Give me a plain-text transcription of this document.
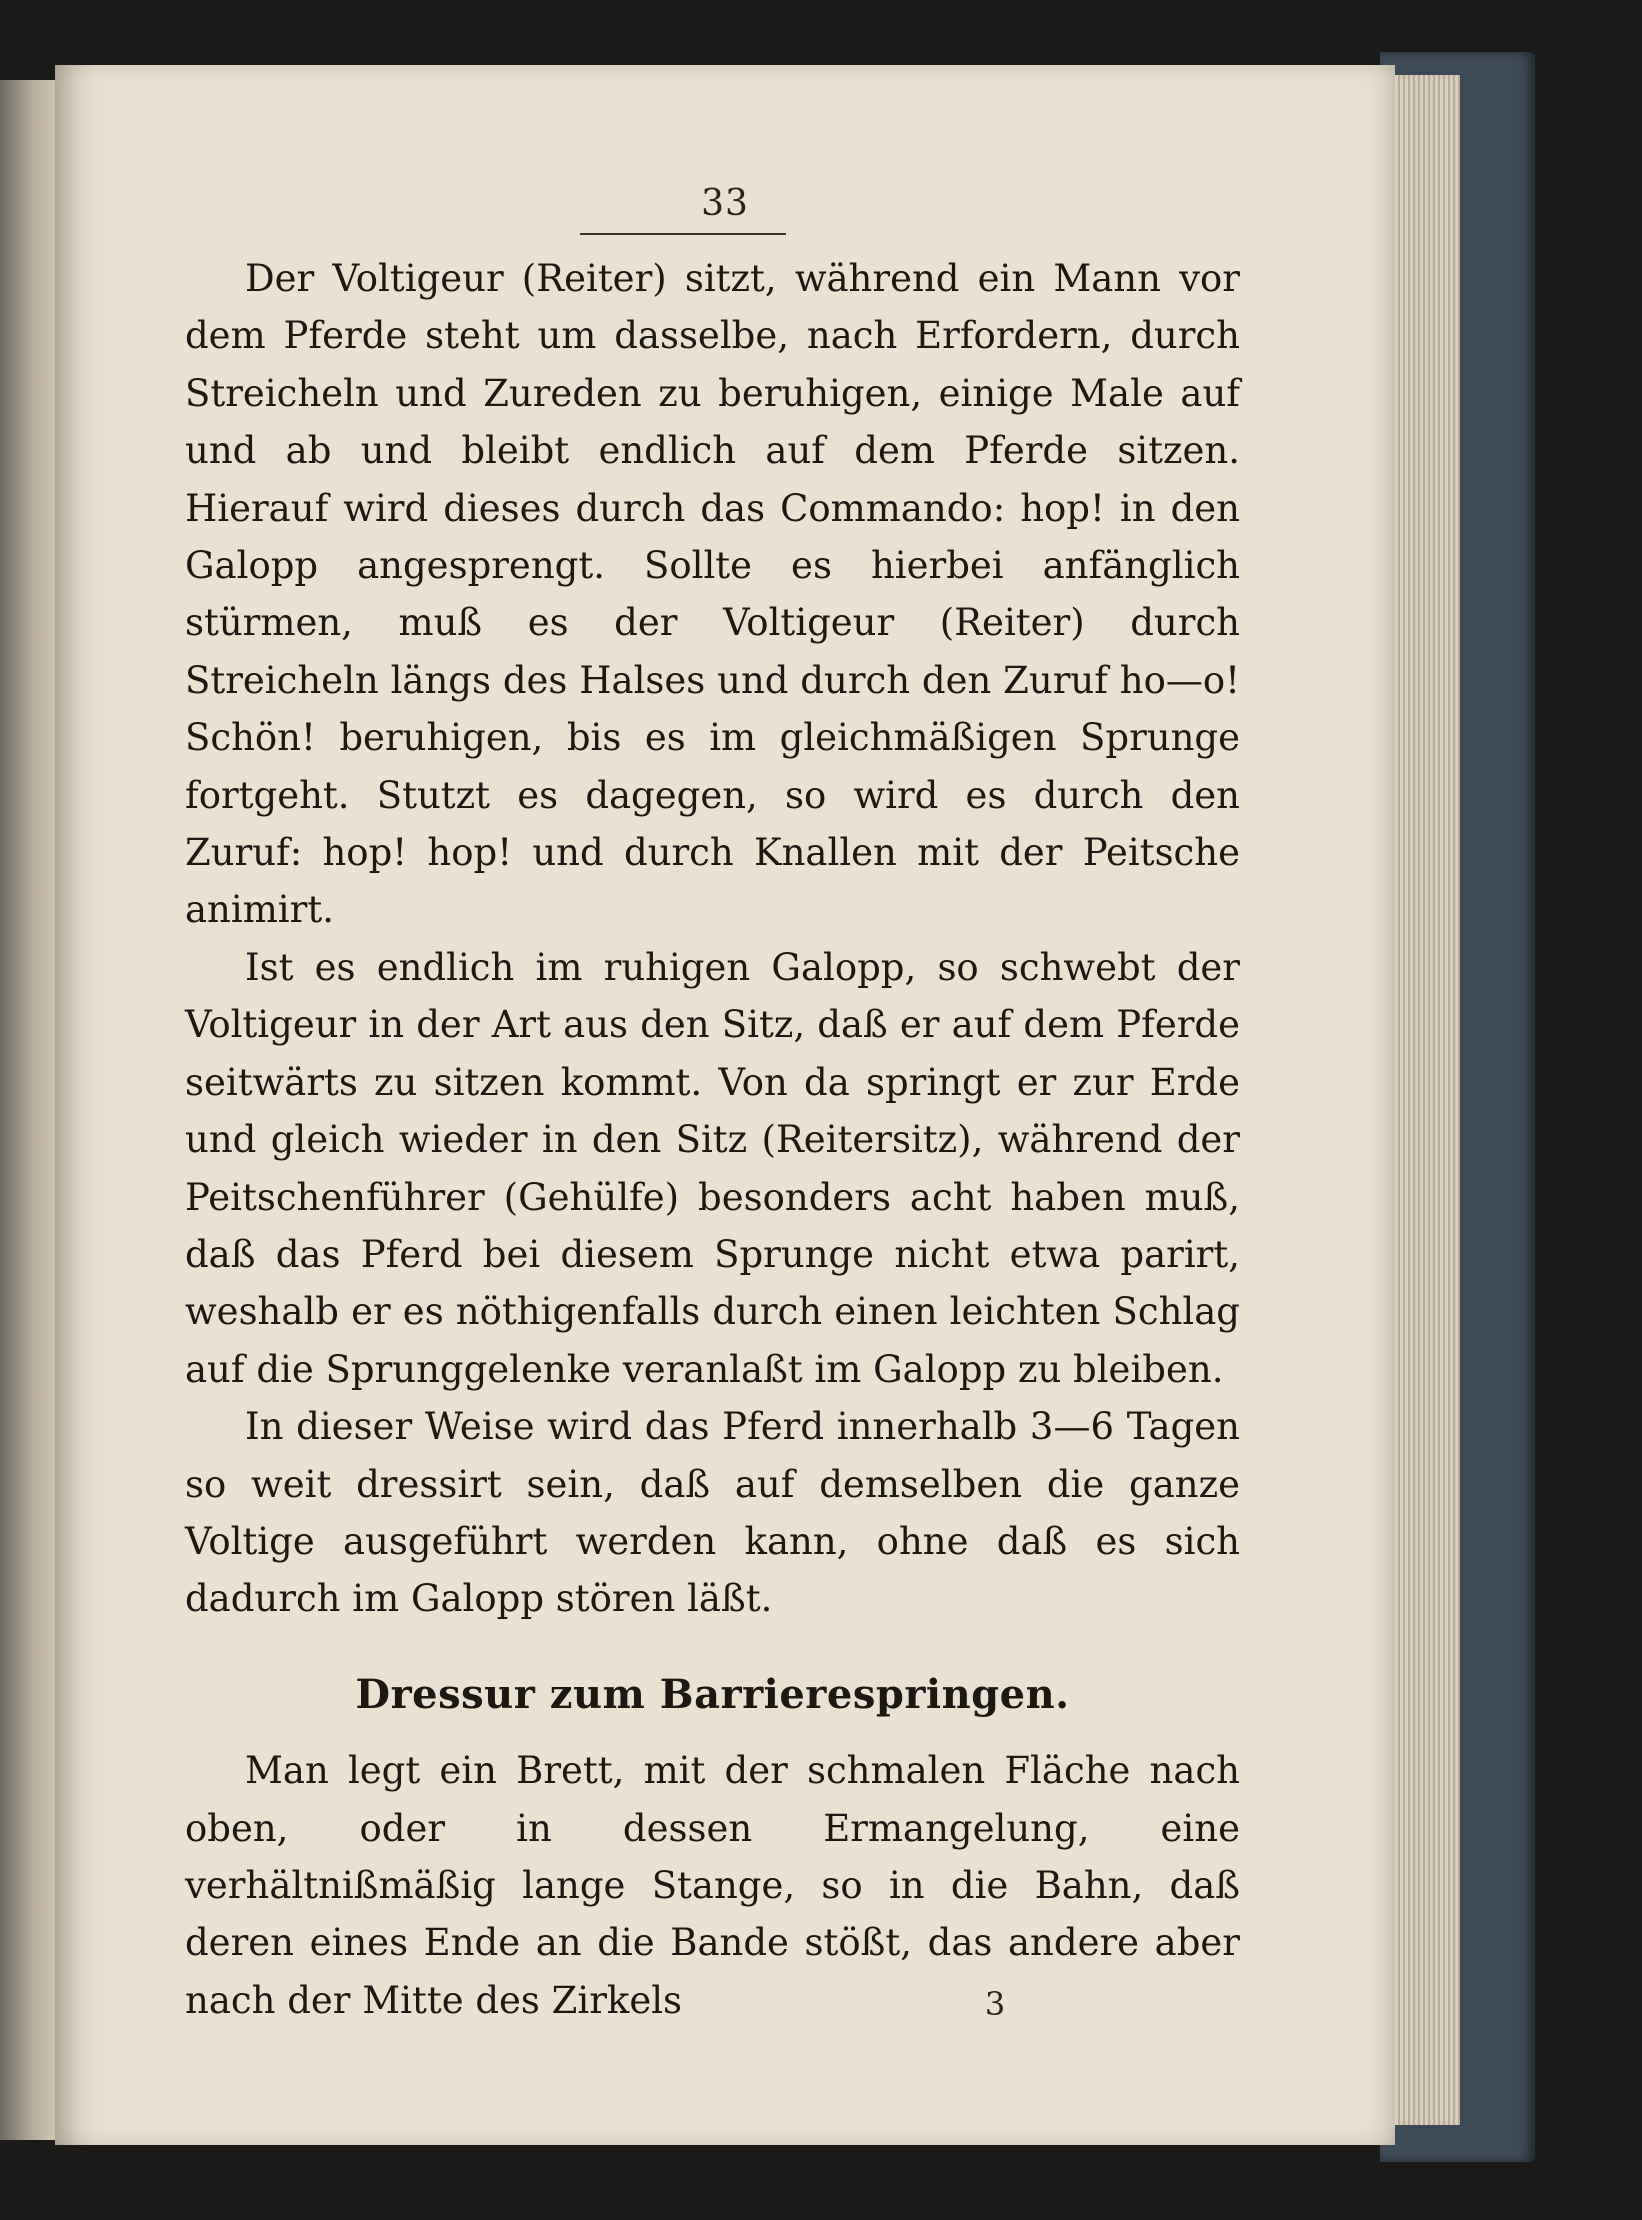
33

Der Voltigeur (Reiter) sitzt, während ein Mann vor dem Pferde steht um dasselbe, nach Erfordern, durch Streicheln und Zureden zu beruhigen, einige Male auf und ab und bleibt endlich auf dem Pferde sitzen. Hierauf wird dieses durch das Commando: hop! in den Galopp angesprengt. Sollte es hierbei anfänglich stürmen, muß es der Voltigeur (Reiter) durch Streicheln längs des Halses und durch den Zuruf ho—o! Schön! beruhigen, bis es im gleichmäßigen Sprunge fortgeht. Stutzt es dagegen, so wird es durch den Zuruf: hop! hop! und durch Knallen mit der Peitsche animirt.

Ist es endlich im ruhigen Galopp, so schwebt der Voltigeur in der Art aus den Sitz, daß er auf dem Pferde seitwärts zu sitzen kommt. Von da springt er zur Erde und gleich wieder in den Sitz (Reitersitz), während der Peitschenführer (Gehülfe) besonders acht haben muß, daß das Pferd bei diesem Sprunge nicht etwa parirt, weshalb er es nöthigenfalls durch einen leichten Schlag auf die Sprunggelenke veranlaßt im Galopp zu bleiben.

In dieser Weise wird das Pferd innerhalb 3—6 Tagen so weit dressirt sein, daß auf demselben die ganze Voltige ausgeführt werden kann, ohne daß es sich dadurch im Galopp stören läßt.

Dressur zum Barrierespringen.

Man legt ein Brett, mit der schmalen Fläche nach oben, oder in dessen Ermangelung, eine verhältnißmäßig lange Stange, so in die Bahn, daß deren eines Ende an die Bande stößt, das andere aber nach der Mitte des Zirkels	3
